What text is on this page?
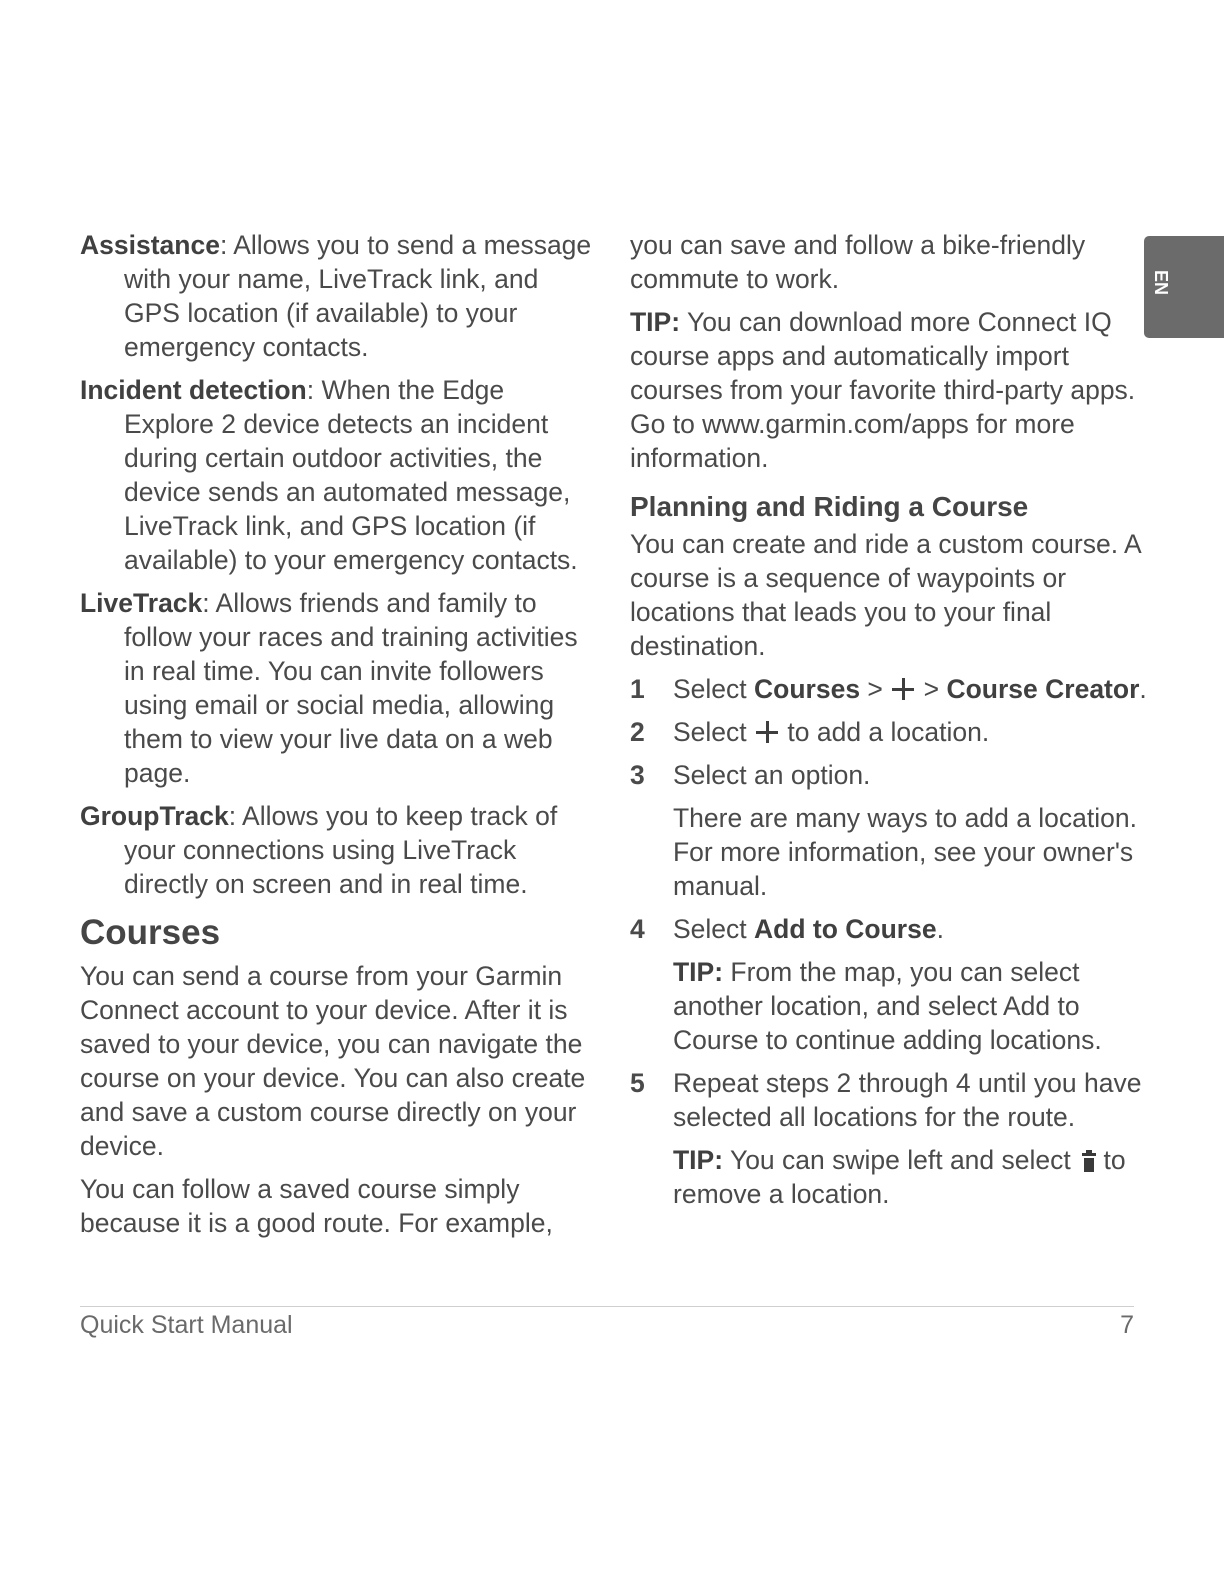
Assistance: Allows you to send a message with your name, LiveTrack link, and GPS location (if available) to your emergency contacts.

Incident detection: When the Edge Explore 2 device detects an incident during certain outdoor activities, the device sends an automated message, LiveTrack link, and GPS location (if available) to your emergency contacts.

LiveTrack: Allows friends and family to follow your races and training activities in real time. You can invite followers using email or social media, allowing them to view your live data on a web page.

GroupTrack: Allows you to keep track of your connections using LiveTrack directly on screen and in real time.

Courses

You can send a course from your Garmin Connect account to your device. After it is saved to your device, you can navigate the course on your device. You can also create and save a custom course directly on your device.

You can follow a saved course simply because it is a good route. For example,

you can save and follow a bike-friendly commute to work.

TIP: You can download more Connect IQ course apps and automatically import courses from your favorite third-party apps. Go to www.garmin.com/apps for more information.

Planning and Riding a Course

You can create and ride a custom course. A course is a sequence of waypoints or locations that leads you to your final destination.

1 Select Courses >  > Course Creator.
2 Select  to add a location.
3 Select an option.
There are many ways to add a location. For more information, see your owner's manual.
4 Select Add to Course.
TIP: From the map, you can select another location, and select Add to Course to continue adding locations.
5 Repeat steps 2 through 4 until you have selected all locations for the route.
TIP: You can swipe left and select
to remove a location.
EN
Quick Start Manual	7
